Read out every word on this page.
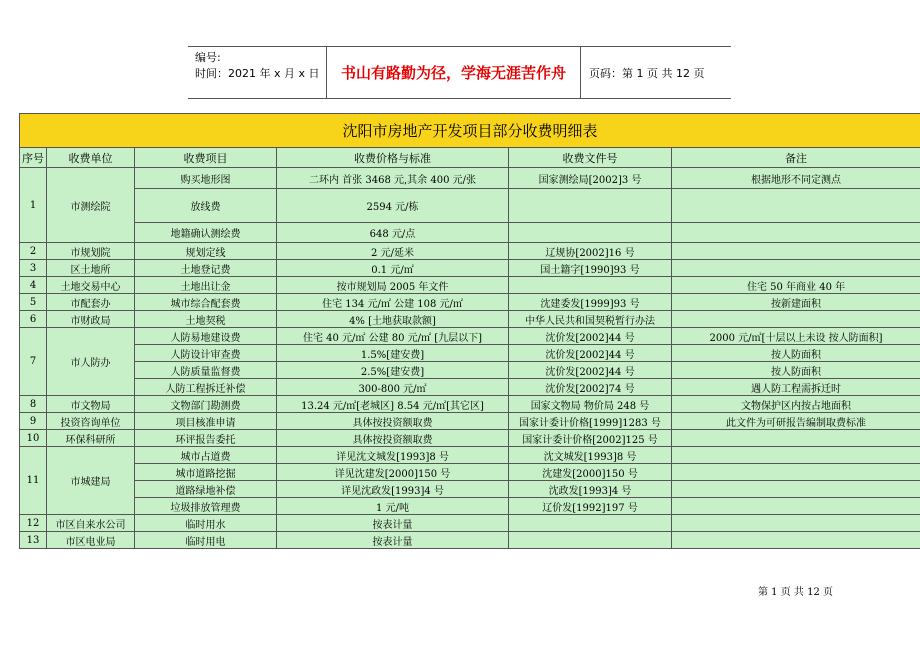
编号:
时间：2021 年 x 月 x 日	书山有路勤为径，学海无涯苦作舟	页码：第 1 页 共 12 页
沈阳市房地产开发项目部分收费明细表					
序号	收费单位	收费项目	收费价格与标准	收费文件号	备注
1	市测绘院	购买地形图	二环内 首张 3468 元,其余 400 元/张	国家测绘局[2002]3 号	根据地形不同定测点
		放线费	2594 元/栋		
		地籍确认测绘费	648 元/点		
2	市规划院	规划定线	2 元/延米	辽规协[2002]16 号	
3	区土地所	土地登记费	0.1 元/㎡	国土籍字[1990]93 号	
4	土地交易中心	土地出让金	按市规划局 2005 年文件		住宅 50 年商业 40 年
5	市配套办	城市综合配套费	住宅 134 元/㎡ 公建 108 元/㎡	沈建委发[1999]93 号	按新建面积
6	市财政局	土地契税	4% [土地获取款额]	中华人民共和国契税暂行办法	
7	市人防办	人防易地建设费	住宅 40 元/㎡ 公建 80 元/㎡ [九层以下]	沈价发[2002]44 号	2000 元/㎡[十层以上未设 按人防面积]
		人防设计审查费	1.5%[建安费]	沈价发[2002]44 号	按人防面积
		人防质量监督费	2.5%[建安费]	沈价发[2002]44 号	按人防面积
		人防工程拆迁补偿	300-800 元/㎡	沈价发[2002]74 号	遇人防工程需拆迁时
8	市文物局	文物部门勘测费	13.24 元/㎡[老城区] 8.54 元/㎡[其它区]	国家文物局 物价局 248 号	文物保护区内按占地面积
9	投资咨询单位	项目核准申请	具体按投资额取费	国家计委计价格[1999]1283 号	此文件为可研报告编制取费标准
10	环保科研所	环评报告委托	具体按投资额取费	国家计委计价格[2002]125 号	
11	市城建局	城市占道费	详见沈文城发[1993]8 号	沈文城发[1993]8 号	
		城市道路挖掘	详见沈建发[2000]150 号	沈建发[2000]150 号	
		道路绿地补偿	详见沈政发[1993]4 号	沈政发[1993]4 号	
		垃圾排放管理费	1 元/吨	辽价发[1992]197 号	
12	市区自来水公司	临时用水	按表计量		
13	市区电业局	临时用电	按表计量		
第 1 页 共 12 页
